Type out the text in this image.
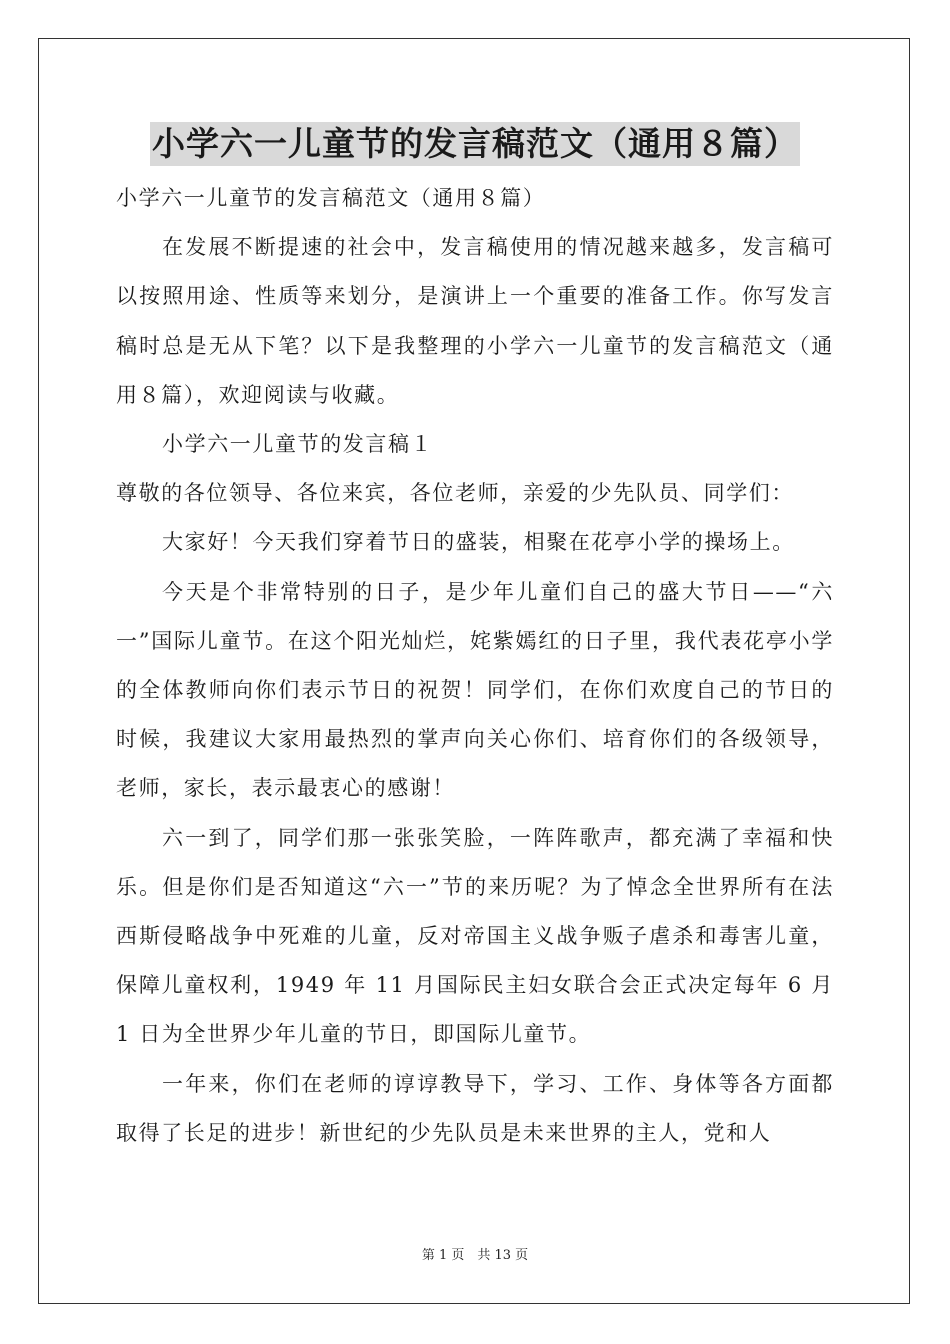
小学六一儿童节的发言稿范文（通用８篇）

小学六一儿童节的发言稿范文（通用８篇）

在发展不断提速的社会中，发言稿使用的情况越来越多，发言稿可以按照用途、性质等来划分，是演讲上一个重要的准备工作。你写发言稿时总是无从下笔？以下是我整理的小学六一儿童节的发言稿范文（通用８篇），欢迎阅读与收藏。

小学六一儿童节的发言稿１

尊敬的各位领导、各位来宾，各位老师，亲爱的少先队员、同学们：

大家好！今天我们穿着节日的盛装，相聚在花亭小学的操场上。

今天是个非常特别的日子，是少年儿童们自己的盛大节日——“六一”国际儿童节。在这个阳光灿烂，姹紫嫣红的日子里，我代表花亭小学的全体教师向你们表示节日的祝贺！同学们，在你们欢度自己的节日的时候，我建议大家用最热烈的掌声向关心你们、培育你们的各级领导，老师，家长，表示最衷心的感谢！

六一到了，同学们那一张张笑脸，一阵阵歌声，都充满了幸福和快乐。但是你们是否知道这“六一”节的来历呢？为了悼念全世界所有在法西斯侵略战争中死难的儿童，反对帝国主义战争贩子虐杀和毒害儿童，保障儿童权利，1949 年 11 月国际民主妇女联合会正式决定每年 6 月 1 日为全世界少年儿童的节日，即国际儿童节。

一年来，你们在老师的谆谆教导下，学习、工作、身体等各方面都取得了长足的进步！新世纪的少先队员是未来世界的主人，党和人

第 1 页　共 13 页
